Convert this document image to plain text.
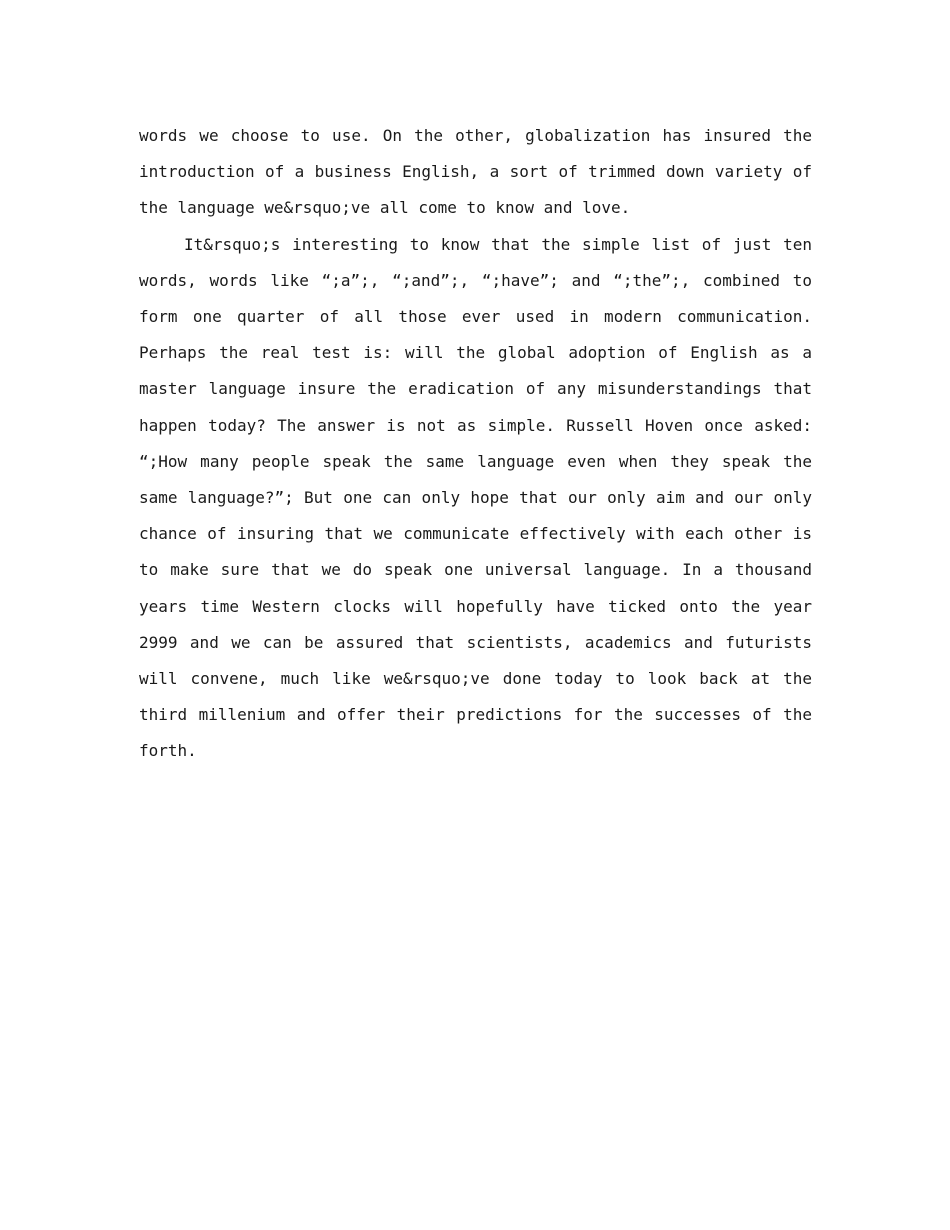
words we choose to use. On the other, globalization has insured the introduction of a business English, a sort of trimmed down variety of the language we&rsquo;ve all come to know and love.

It&rsquo;s interesting to know that the simple list of just ten words, words like “;a”;, “;and”;, “;have”; and “;the”;, combined to form one quarter of all those ever used in modern communication. Perhaps the real test is: will the global adoption of English as a master language insure the eradication of any misunderstandings that happen today? The answer is not as simple. Russell Hoven once asked: “;How many people speak the same language even when they speak the same language?”; But one can only hope that our only aim and our only chance of insuring that we communicate effectively with each other is to make sure that we do speak one universal language. In a thousand years time Western clocks will hopefully have ticked onto the year 2999 and we can be assured that scientists, academics and futurists will convene, much like we&rsquo;ve done today to look back at the third millenium and offer their predictions for the successes of the forth.
